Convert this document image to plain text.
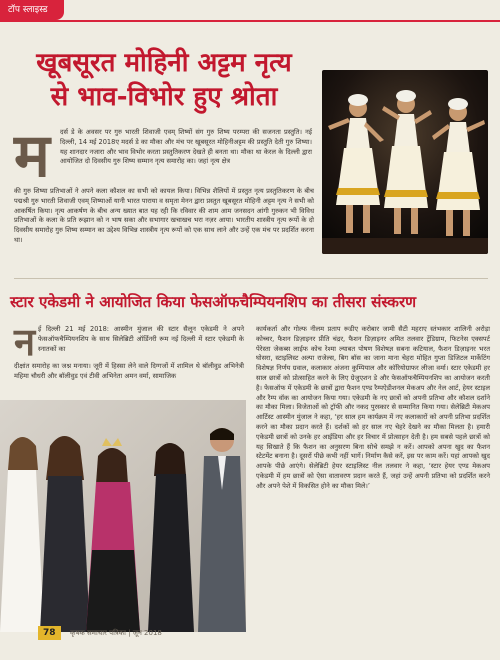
टॉप स्लाइस्ड
खूबसूरत मोहिनी अट्टम नृत्य
से भाव-विभोर हुए श्रोता
म दर्स डे के अवसर पर गुरु भारती शिवाजी एवम् शिष्यों संग गुरु शिष्य परम्परा की सजनता प्रस्तुति। नई दिल्ली, 14 मई 2018ए मदर्स डे का मौका और मंच पर खूबसूरत मोहिनीअट्टम की प्रस्तुति देती गुरु शिष्या। यह शानदार नजारा और भाव विभोर करता प्रस्तुतिकरण देखते ही बनता था। मौका था केरल के दिल्ली द्वारा आयोजित दो दिवसीय गुरु शिष्य सम्मान नृत्य समारोह का। जहां नृत्य क्षेत्र
की गुरु शिष्या प्रतिभाओं ने अपने कला कौशल का सभी को कायल किया। विभिन्न शैलियों में प्रस्तुत नृत्य प्रस्तुतिकरण के बीच पद्मश्री गुरु भारती शिवाजी एवम् शिष्याओं यानी भारत पाराया व समृता मेनन द्वारा प्रस्तुत खूबसूरत मोहिनी अट्टम नृत्य ने सभी को आकर्षित किया। नृत्य आकर्षण के बीच अन्य ख्यात बात यह रही कि रविवार की शाम आम जनसदन आंगी गुरुकन भी विविध प्रतिभाओं के कला के प्रति रूझान को न भाष सका और सभागार खचाखच भरा नज़र आया। भारतीय शास्त्रीय नृत्य रूपों के दो दिवसीय समारोह गुरु शिष्य सम्मान का उद्देश्य विभिन्न शास्त्रीय नृत्य रूपों को एक साथ लाने और उन्हें एक मंच पर प्रदर्शित करना था।
स्टार एकेडमी ने आयोजित किया फेसऑफचैम्पियनशिप का तीसरा संस्करण
न ई दिल्ली 21 मई 2018: आस्मीन मुंजाल की स्टार सैलून एकेडमी ने अपने फेसऑफचैम्पियनशिप के साथ सिलेब्रिटी ऑर्डिनरी रूम नई दिल्ली में स्टार एकेडमी के स्नातकों का
दीक्षांत समारोह का जश्न मनाया। जूरी में हिस्सा लेने वाले दिग्गजों में शामिल थे बॉलीवुड अभिनेत्री महिमा चौधरी और बॉलीवुड एवं टीवी अभिनेता अमन वर्मा, सामाजिक
कार्यकर्ता और गोल्फ नीलम प्रताप रूडीए करोबार जामी सैटी महराए स्तंभकार शालिनी अरोड़ा कोच्चर, फैशन डिज़ाइनर प्रीति चंद्रर, फैशन डिज़ाइनर अमित तलवार ट्रेंडिग्राम, फिटनेस एक्सपर्ट पेरेस्ता जेकब्स लाईफ कोच रेश्मा ल्याबत पोषण विशेषज्ञ सबना कटियाल, फैशन डिज़ाइनर भरत घोसरा, स्टाइलिस्ट अल्पा राजेल्स, बिग बॉस का जाना माना चेहरा मोहित गुप्ता डिजिटल मार्केटिंग विशेषज्ञ निर्णय ग्रवाल, कलाकार अंजना कुम्पियाल और कॉरियोग्राफर लीजा वर्मा। स्टार एकेडमी हर साल छात्रों को प्रोत्साहित करने के लिए ग्रेजुएशन डे और फेसऑफचैम्पियनशिप का आयोजन करती है। फेसऑफ में एकेडमी के छात्रों द्वारा फैशन एण्ड रैम्पऐडीशनल मेकअप और नेल आर्ट, हेयर स्टाइल और रैम्प वॉक का आयोजन किया गया। एकेडमी के नए छात्रों को अपनी प्रतिभा और कौशल दर्शाने का मौका मिला। विजेताओं को ट्रॉफी और नकद पुरस्कार से सम्मानित किया गया। सेलेब्रिटी मेकअप आर्टिस्ट आस्मीन मुंजाल ने कहा, ‘हर साल हम कार्यक्रम में नए कलाकारों को अपनी प्रतिभा प्रदर्शित करने का मौका प्रदान करते हैं। दर्शकों को हर साल नए चेहरे देखने का मौका मिलता है। हमारी एकेडमी छात्रों को उनके हर आईडिया और हर विचार में प्रोत्साहन देती है। हम सबसे पहले छात्रों को यह सिखाते हैं कि फैशन का अनुसरण बिना सोचे समझे न करें। आपको अपना खुद का फैशन स्टेटमेंट बनाना है। दूसरों पीछे कभी नहीं भागें। निर्माण कैसे करें, इस पर काम करें। यहां आपको खुद आपके पीछे आएंगे। सेलेब्रिटी हेयर स्टाइलिस्ट नील तलवार ने कहा, ‘स्टार हेयर एण्ड मेकअप एकेडमी में हम छात्रों को ऐसा वातावरण प्रदान करते हैं, जहां उन्हें अपनी प्रतिभा को प्रदर्शित करने और अपने पेशे में विकसित होने का मौका मिले।’
78	कृषक समाचार पत्रिका | जून 2018
